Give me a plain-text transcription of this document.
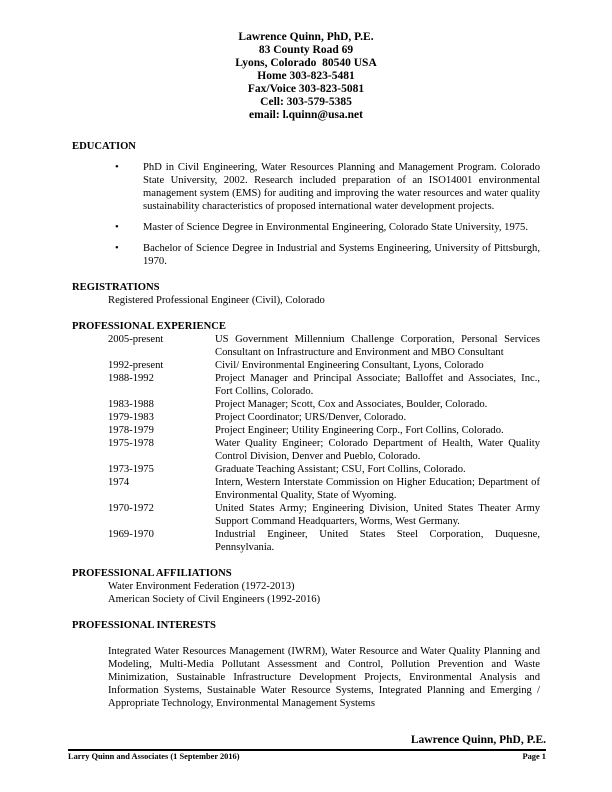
Lawrence Quinn, PhD, P.E.
83 County Road 69
Lyons, Colorado  80540 USA
Home 303-823-5481
Fax/Voice 303-823-5081
Cell: 303-579-5385
email: l.quinn@usa.net
EDUCATION
• PhD in Civil Engineering, Water Resources Planning and Management Program. Colorado State University, 2002. Research included preparation of an ISO14001 environmental management system (EMS) for auditing and improving the water resources and water quality sustainability characteristics of proposed international water development projects.
• Master of Science Degree in Environmental Engineering, Colorado State University, 1975.
• Bachelor of Science Degree in Industrial and Systems Engineering, University of Pittsburgh, 1970.
REGISTRATIONS
Registered Professional Engineer (Civil), Colorado
PROFESSIONAL EXPERIENCE
2005-present	US Government Millennium Challenge Corporation, Personal Services Consultant on Infrastructure and Environment and MBO Consultant
1992-present	Civil/ Environmental Engineering Consultant, Lyons, Colorado
1988-1992	Project Manager and Principal Associate; Balloffet and Associates, Inc., Fort Collins, Colorado.
1983-1988	Project Manager; Scott, Cox and Associates, Boulder, Colorado.
1979-1983	Project Coordinator; URS/Denver, Colorado.
1978-1979	Project Engineer; Utility Engineering Corp., Fort Collins, Colorado.
1975-1978	Water Quality Engineer; Colorado Department of Health, Water Quality Control Division, Denver and Pueblo, Colorado.
1973-1975	Graduate Teaching Assistant; CSU, Fort Collins, Colorado.
1974	Intern, Western Interstate Commission on Higher Education; Department of Environmental Quality, State of Wyoming.
1970-1972	United States Army; Engineering Division, United States Theater Army Support Command Headquarters, Worms, West Germany.
1969-1970	Industrial Engineer, United States Steel Corporation, Duquesne, Pennsylvania.
PROFESSIONAL AFFILIATIONS
Water Environment Federation (1972-2013)
American Society of Civil Engineers (1992-2016)
PROFESSIONAL INTERESTS
Integrated Water Resources Management (IWRM), Water Resource and Water Quality Planning and Modeling, Multi-Media Pollutant Assessment and Control, Pollution Prevention and Waste Minimization, Sustainable Infrastructure Development Projects, Environmental Analysis and Information Systems, Sustainable Water Resource Systems, Integrated Planning and Emerging / Appropriate Technology, Environmental Management Systems
Lawrence Quinn, PhD, P.E.
Larry Quinn and Associates (1 September 2016)	Page 1
